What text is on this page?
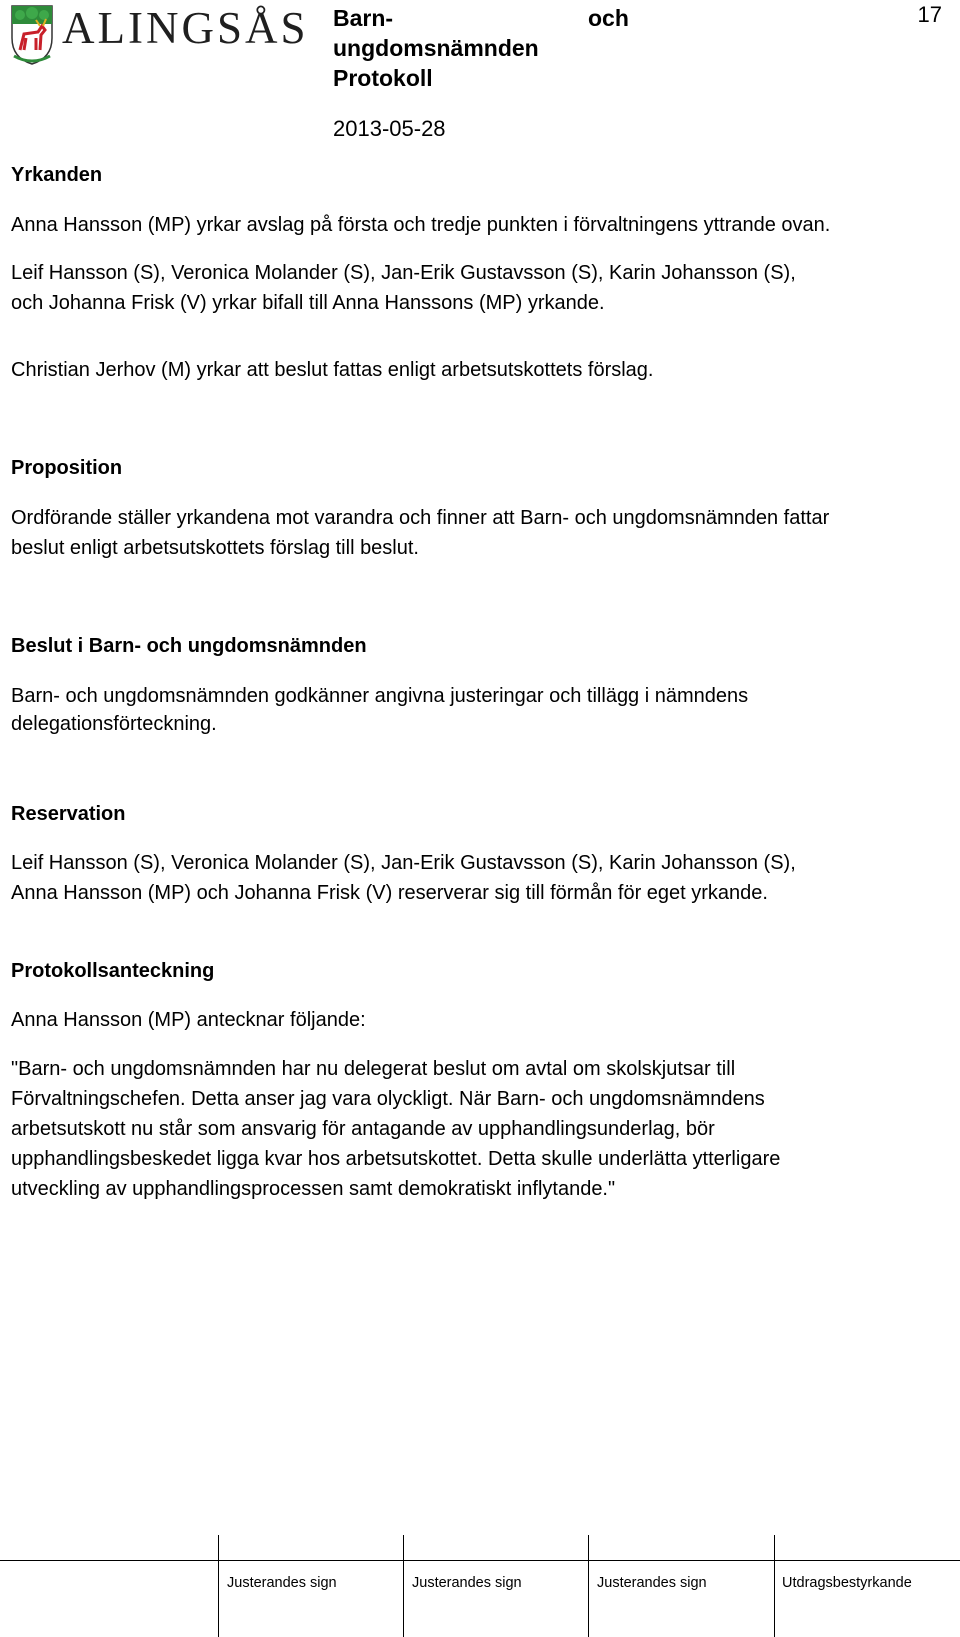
ALINGSÅS Barn-
ungdomsnämnden
Protokoll
och	17
2013-05-28
Yrkanden

Anna Hansson (MP) yrkar avslag på första och tredje punkten i förvaltningens yttrande ovan.

Leif Hansson (S), Veronica Molander (S), Jan-Erik Gustavsson (S), Karin Johansson (S),

och Johanna Frisk (V) yrkar bifall till Anna Hanssons (MP) yrkande.

Christian Jerhov (M) yrkar att beslut fattas enligt arbetsutskottets förslag.

Proposition

Ordförande ställer yrkandena mot varandra och finner att Barn- och ungdomsnämnden fattar

beslut enligt arbetsutskottets förslag till beslut.

Beslut i Barn- och ungdomsnämnden

Barn- och ungdomsnämnden godkänner angivna justeringar och tillägg i nämndens

delegationsförteckning.

Reservation

Leif Hansson (S), Veronica Molander (S), Jan-Erik Gustavsson (S), Karin Johansson (S),

Anna Hansson (MP) och Johanna Frisk (V) reserverar sig till förmån för eget yrkande.

Protokollsanteckning

Anna Hansson (MP) antecknar följande:

"Barn- och ungdomsnämnden har nu delegerat beslut om avtal om skolskjutsar till

Förvaltningschefen. Detta anser jag vara olyckligt. När Barn- och ungdomsnämndens

arbetsutskott nu står som ansvarig för antagande av upphandlingsunderlag, bör

upphandlingsbeskedet ligga kvar hos arbetsutskottet. Detta skulle underlätta ytterligare

utveckling av upphandlingsprocessen samt demokratiskt inflytande."

Justerandes sign	Justerandes sign	Justerandes sign	Utdragsbestyrkande
